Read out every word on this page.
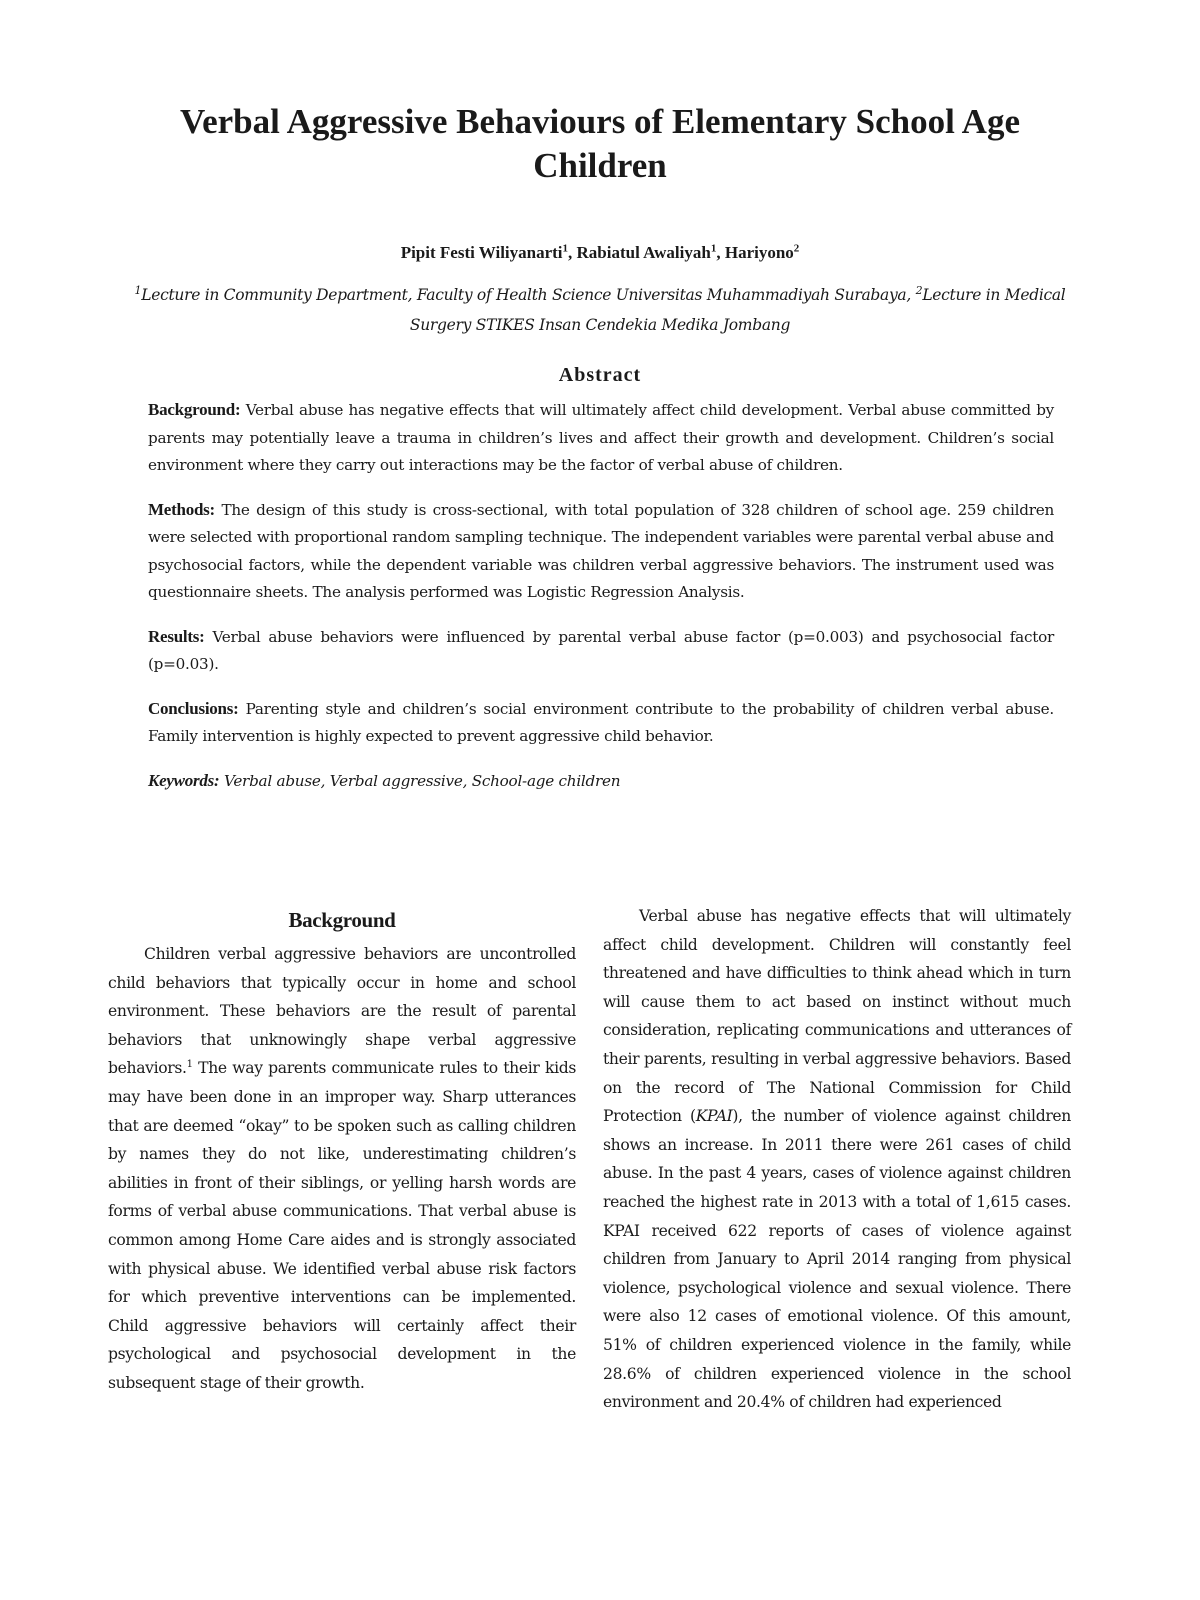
Verbal Aggressive Behaviours of Elementary School Age
Children
Pipit Festi Wiliyanarti$^1$, Rabiatul Awaliyah$^1$, Hariyono$^2$
$^1$Lecture in Community Department, Faculty of Health Science Universitas Muhammadiyah Surabaya, $^2$Lecture in Medical Surgery STIKES Insan Cendekia Medika Jombang
Abstract

Background: Verbal abuse has negative effects that will ultimately affect child development. Verbal abuse committed by parents may potentially leave a trauma in children’s lives and affect their growth and development. Children’s social environment where they carry out interactions may be the factor of verbal abuse of children.

Methods: The design of this study is cross-sectional, with total population of 328 children of school age. 259 children were selected with proportional random sampling technique. The independent variables were parental verbal abuse and psychosocial factors, while the dependent variable was children verbal aggressive behaviors. The instrument used was questionnaire sheets. The analysis performed was Logistic Regression Analysis.

Results: Verbal abuse behaviors were influenced by parental verbal abuse factor (p=0.003) and psychosocial factor (p=0.03).

Conclusions: Parenting style and children’s social environment contribute to the probability of children verbal abuse. Family intervention is highly expected to prevent aggressive child behavior.

Keywords: Verbal abuse, Verbal aggressive, School-age children

Background

Children verbal aggressive behaviors are uncontrolled child behaviors that typically occur in home and school environment. These behaviors are the result of parental behaviors that unknowingly shape verbal aggressive behaviors.$^1$ The way parents communicate rules to their kids may have been done in an improper way. Sharp utterances that are deemed “okay” to be spoken such as calling children by names they do not like, underestimating children’s abilities in front of their siblings, or yelling harsh words are forms of verbal abuse communications. That verbal abuse is common among Home Care aides and is strongly associated with physical abuse. We identified verbal abuse risk factors for which preventive interventions can be implemented. Child aggressive behaviors will certainly affect their psychological and psychosocial development in the subsequent stage of their growth.

Verbal abuse has negative effects that will ultimately affect child development. Children will constantly feel threatened and have difficulties to think ahead which in turn will cause them to act based on instinct without much consideration, replicating communications and utterances of their parents, resulting in verbal aggressive behaviors. Based on the record of The National Commission for Child Protection (KPAI), the number of violence against children shows an increase. In 2011 there were 261 cases of child abuse. In the past 4 years, cases of violence against children reached the highest rate in 2013 with a total of 1,615 cases. KPAI received 622 reports of cases of violence against children from January to April 2014 ranging from physical violence, psychological violence and sexual violence. There were also 12 cases of emotional violence. Of this amount, 51% of children experienced violence in the family, while 28.6% of children experienced violence in the school environment and 20.4% of children had experienced
